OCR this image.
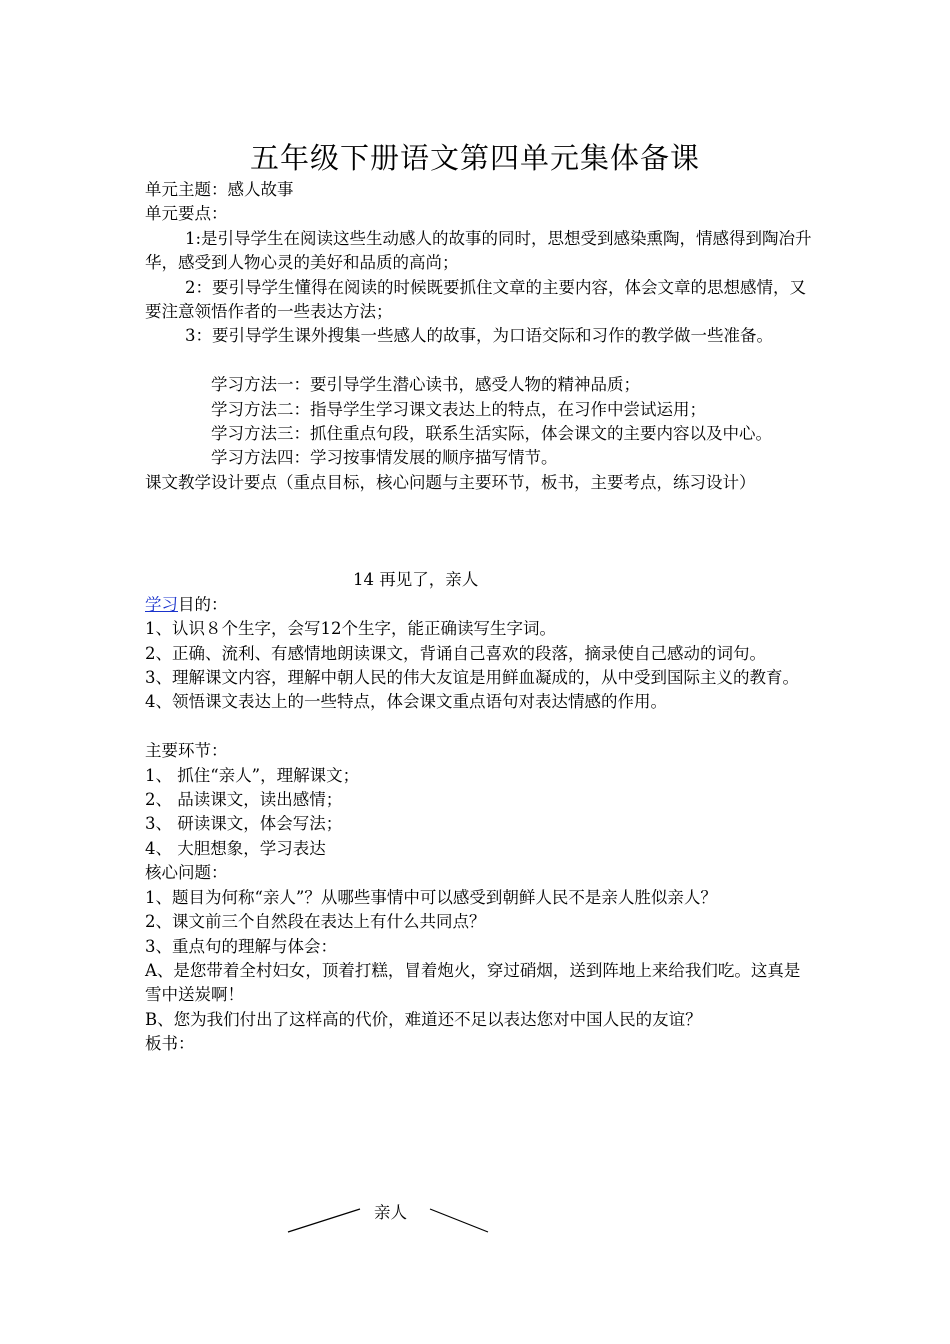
五年级下册语文第四单元集体备课

单元主题：感人故事

单元要点：

1:是引导学生在阅读这些生动感人的故事的同时，思想受到感染熏陶，情感得到陶冶升华，感受到人物心灵的美好和品质的高尚；

2：要引导学生懂得在阅读的时候既要抓住文章的主要内容，体会文章的思想感情，又要注意领悟作者的一些表达方法；

3：要引导学生课外搜集一些感人的故事，为口语交际和习作的教学做一些准备。

学习方法一：要引导学生潜心读书，感受人物的精神品质；

学习方法二：指导学生学习课文表达上的特点，在习作中尝试运用；

学习方法三：抓住重点句段，联系生活实际，体会课文的主要内容以及中心。

学习方法四：学习按事情发展的顺序描写情节。

课文教学设计要点（重点目标，核心问题与主要环节，板书，主要考点，练习设计）

14 再见了，亲人

学习目的：

1、认识８个生字，会写12个生字，能正确读写生字词。

2、正确、流利、有感情地朗读课文，背诵自己喜欢的段落，摘录使自己感动的词句。

3、理解课文内容，理解中朝人民的伟大友谊是用鲜血凝成的，从中受到国际主义的教育。

4、领悟课文表达上的一些特点，体会课文重点语句对表达情感的作用。

主要环节：

1、 抓住“亲人”，理解课文；

2、 品读课文，读出感情；

3、 研读课文，体会写法；

4、 大胆想象，学习表达

核心问题：

1、题目为何称“亲人”？从哪些事情中可以感受到朝鲜人民不是亲人胜似亲人？

2、课文前三个自然段在表达上有什么共同点？

3、重点句的理解与体会：

A、是您带着全村妇女，顶着打糕，冒着炮火，穿过硝烟，送到阵地上来给我们吃。这真是雪中送炭啊！

B、您为我们付出了这样高的代价，难道还不足以表达您对中国人民的友谊？

板书：

亲人
